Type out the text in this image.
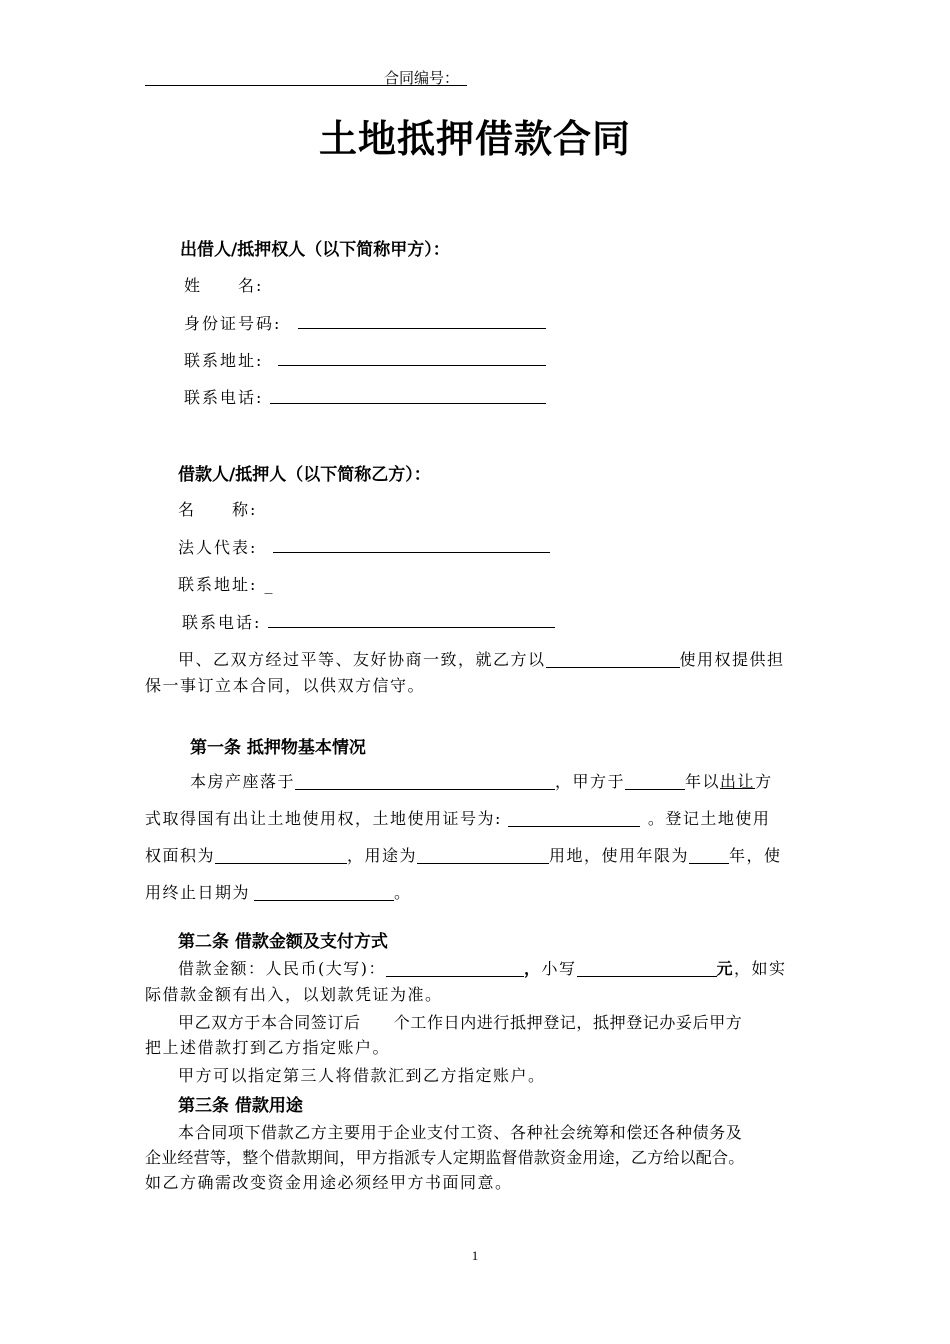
合同编号：
土地抵押借款合同
出借人/抵押权人（以下简称甲方）：
姓　　名:
身份证号码:
联系地址:
联系电话:
借款人/抵押人（以下简称乙方）：
名　　称:
法人代表:
联系地址: _
联系电话:
甲、乙双方经过平等、友好协商一致，就乙方以	使用权提供担
保一事订立本合同，以供双方信守。
第一条 抵押物基本情况
本房产座落于	，甲方于	年以出让方
式取得国有出让土地使用权，土地使用证号为:	。登记土地使用
权面积为	，用途为	用地，使用年限为	年，使
用终止日期为	。
第二条 借款金额及支付方式
借款金额：人民币(大写)：	，小写	元，如实
际借款金额有出入，以划款凭证为准。
甲乙双方于本合同签订后　　个工作日内进行抵押登记，抵押登记办妥后甲方
把上述借款打到乙方指定账户。
甲方可以指定第三人将借款汇到乙方指定账户。
第三条 借款用途
本合同项下借款乙方主要用于企业支付工资、各种社会统筹和偿还各种债务及
企业经营等，整个借款期间，甲方指派专人定期监督借款资金用途，乙方给以配合。
如乙方确需改变资金用途必须经甲方书面同意。
1
